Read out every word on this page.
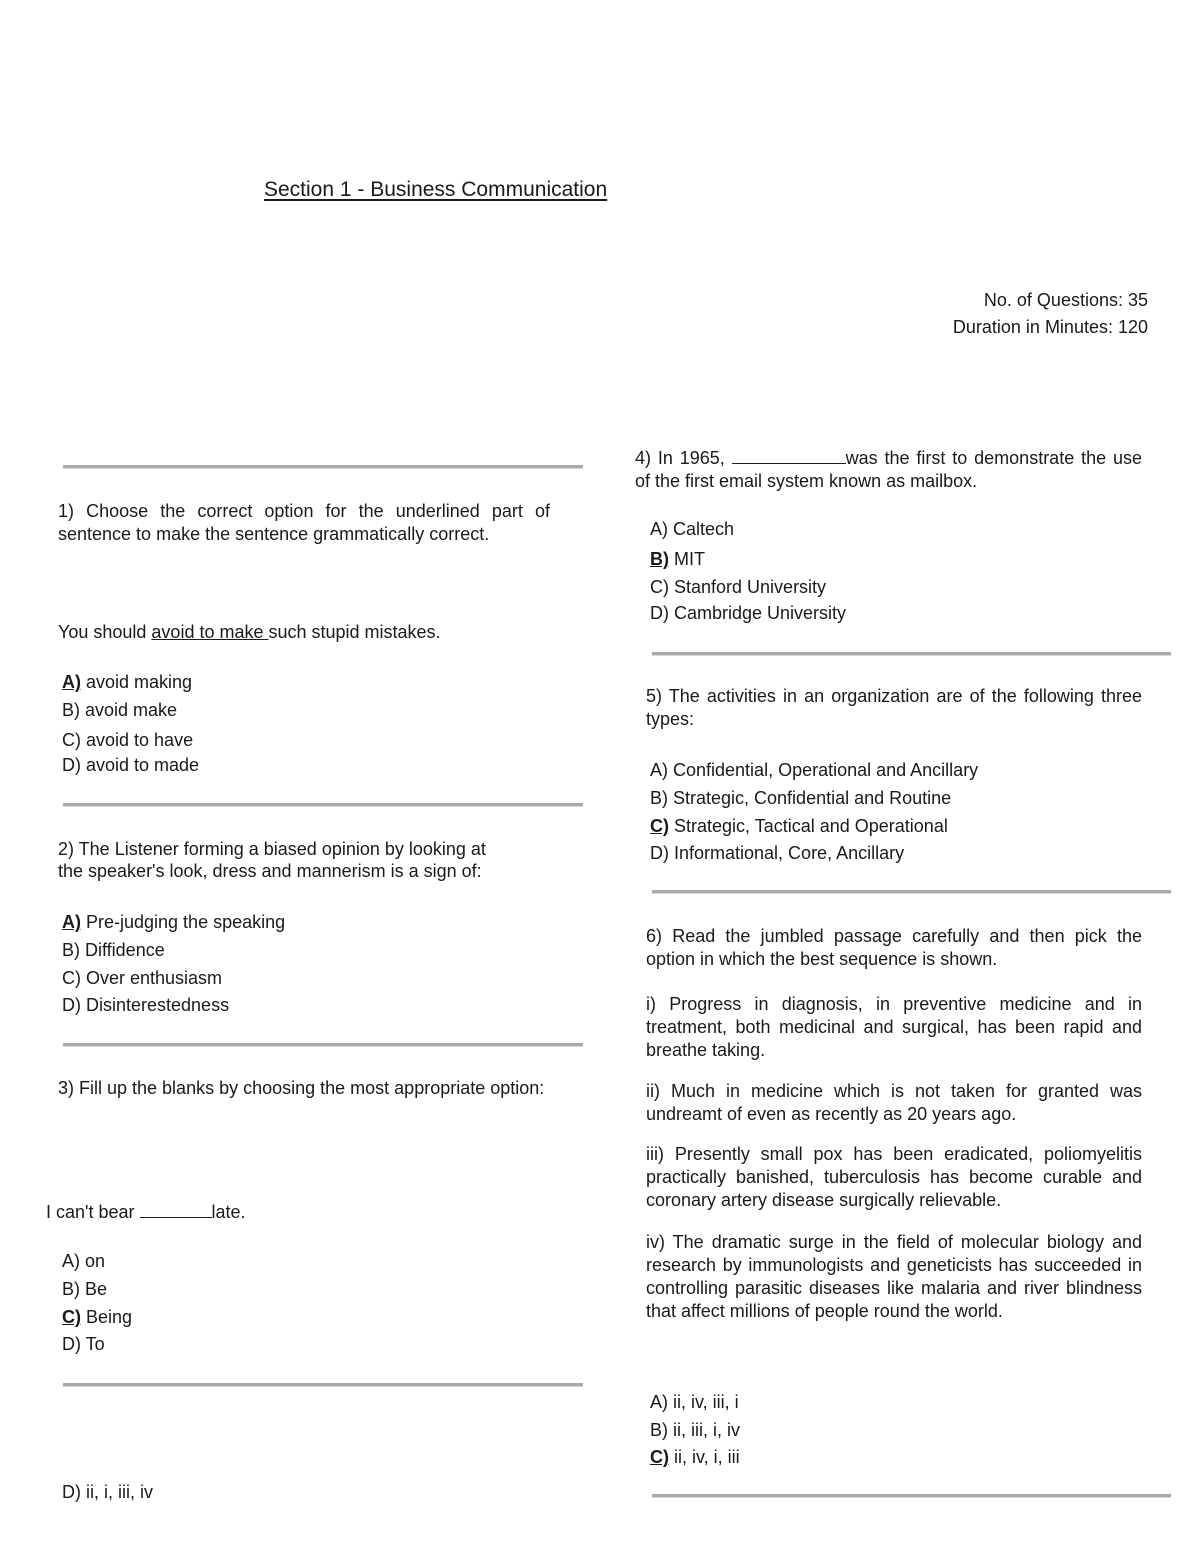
Section 1 - Business Communication
No. of Questions: 35
Duration in Minutes: 120
1) Choose the correct option for the underlined part of sentence to make the sentence grammatically correct.
You should avoid to make such stupid mistakes.
A) avoid making
B) avoid make
C) avoid to have
D) avoid to made
2) The Listener forming a biased opinion by looking at
the speaker's look, dress and mannerism is a sign of:
A) Pre-judging the speaking
B) Diffidence
C) Over enthusiasm
D) Disinterestedness
3) Fill up the blanks by choosing the most appropriate option:
I can't bear	late.
A) on
B) Be
C) Being
D) To
D) ii, i, iii, iv
4) In 1965,	was the first to demonstrate the use of the first email system known as mailbox.
A) Caltech
B) MIT
C) Stanford University
D) Cambridge University
5) The activities in an organization are of the following three types:
A) Confidential, Operational and Ancillary
B) Strategic, Confidential and Routine
C) Strategic, Tactical and Operational
D) Informational, Core, Ancillary
6) Read the jumbled passage carefully and then pick the option in which the best sequence is shown.
i) Progress in diagnosis, in preventive medicine and in treatment, both medicinal and surgical, has been rapid and breathe taking.
ii) Much in medicine which is not taken for granted was undreamt of even as recently as 20 years ago.
iii) Presently small pox has been eradicated, poliomyelitis practically banished, tuberculosis has become curable and coronary artery disease surgically relievable.
iv) The dramatic surge in the field of molecular biology and research by immunologists and geneticists has succeeded in controlling parasitic diseases like malaria and river blindness that affect millions of people round the world.
A) ii, iv, iii, i
B) ii, iii, i, iv
C) ii, iv, i, iii
